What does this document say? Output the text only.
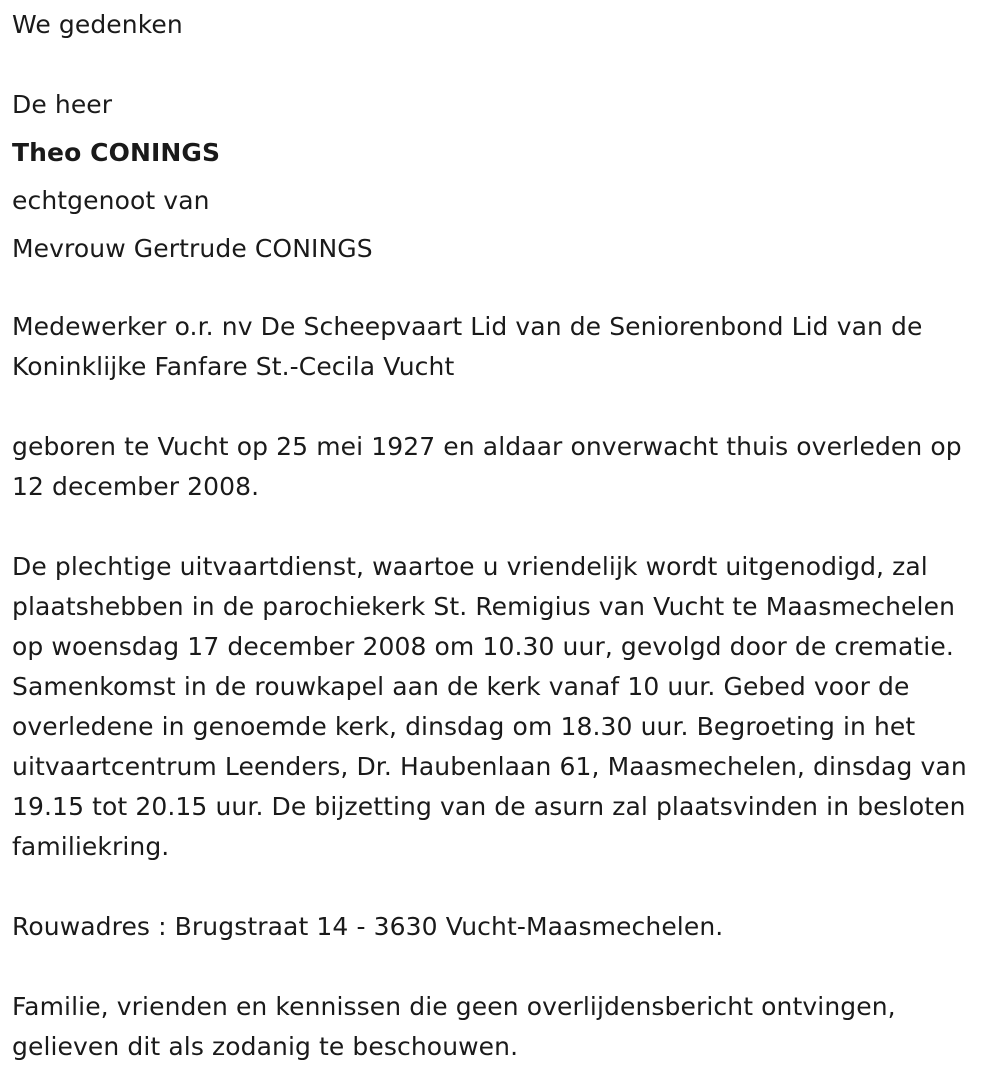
We gedenken

De heer

Theo CONINGS

echtgenoot van

Mevrouw Gertrude CONINGS

Medewerker o.r. nv De Scheepvaart Lid van de Seniorenbond Lid van de Koninklijke Fanfare St.-Cecila Vucht

geboren te Vucht op 25 mei 1927 en aldaar onverwacht thuis overleden op 12 december 2008.

De plechtige uitvaartdienst, waartoe u vriendelijk wordt uitgenodigd, zal plaatshebben in de parochiekerk St. Remigius van Vucht te Maasmechelen op woensdag 17 december 2008 om 10.30 uur, gevolgd door de crematie. Samenkomst in de rouwkapel aan de kerk vanaf 10 uur. Gebed voor de overledene in genoemde kerk, dinsdag om 18.30 uur. Begroeting in het uitvaartcentrum Leenders, Dr. Haubenlaan 61, Maasmechelen, dinsdag van 19.15 tot 20.15 uur. De bijzetting van de asurn zal plaatsvinden in besloten familiekring.

Rouwadres : Brugstraat 14 - 3630 Vucht-Maasmechelen.

Familie, vrienden en kennissen die geen overlijdensbericht ontvingen, gelieven dit als zodanig te beschouwen.
